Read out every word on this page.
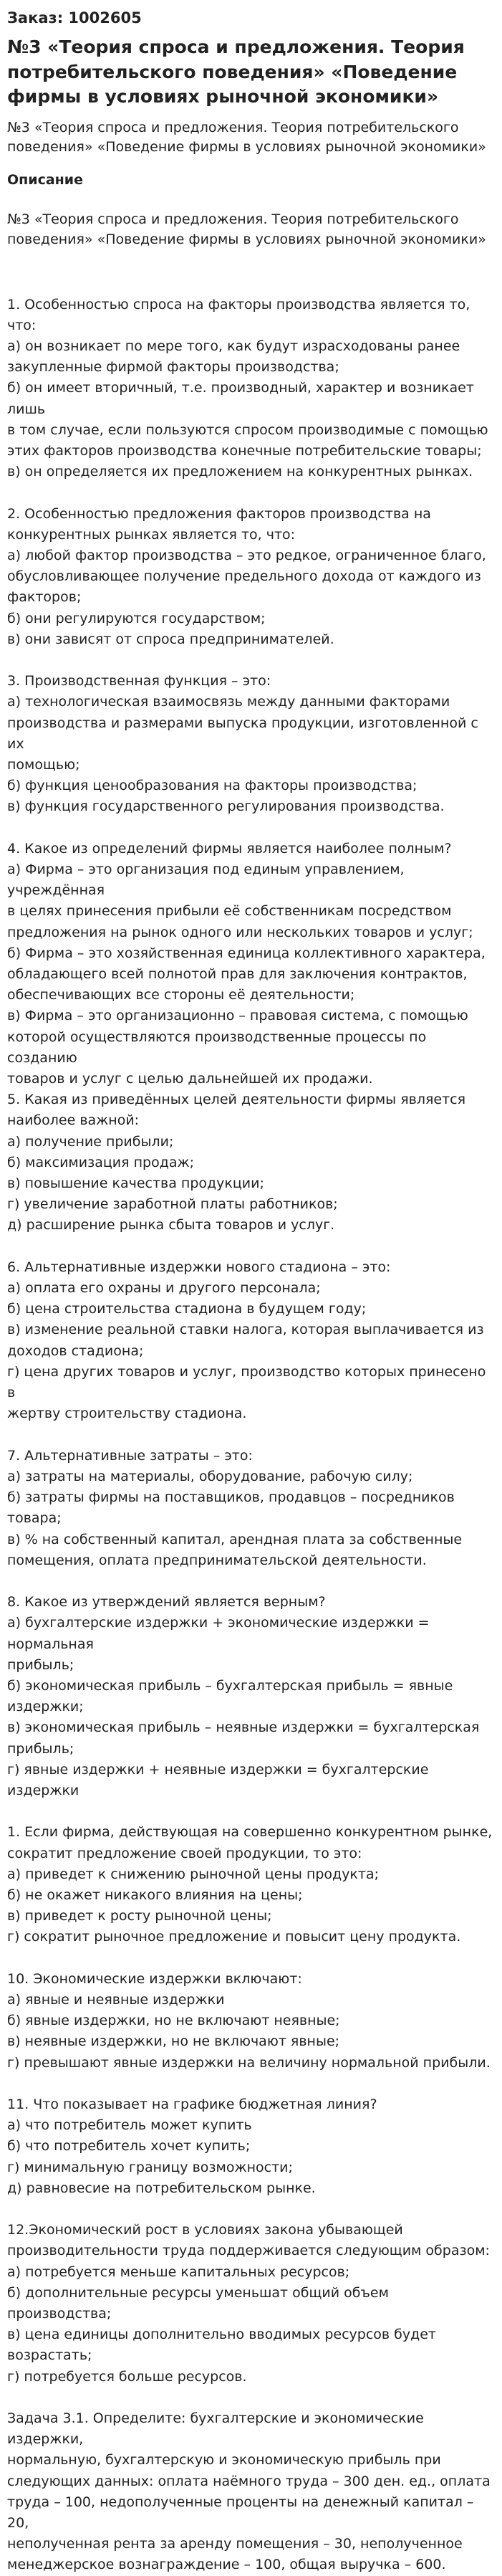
Заказ: 1002605
№3 «Теория спроса и предложения. Теория потребительского поведения» «Поведение фирмы в условиях рыночной экономики»
№3 «Теория спроса и предложения. Теория потребительского поведения» «Поведение фирмы в условиях рыночной экономики»
Описание
№3 «Теория спроса и предложения. Теория потребительского поведения» «Поведение фирмы в условиях рыночной экономики»
1. Особенностью спроса на факторы производства является то, что:
а) он возникает по мере того, как будут израсходованы ранее
закупленные фирмой факторы производства;
б) он имеет вторичный, т.е. производный, характер и возникает лишь
в том случае, если пользуются спросом производимые с помощью
этих факторов производства конечные потребительские товары;
в) он определяется их предложением на конкурентных рынках.

2. Особенностью предложения факторов производства на
конкурентных рынках является то, что:
а) любой фактор производства – это редкое, ограниченное благо,
обусловливающее получение предельного дохода от каждого из
факторов;
б) они регулируются государством;
в) они зависят от спроса предпринимателей.

3. Производственная функция – это:
а) технологическая взаимосвязь между данными факторами
производства и размерами выпуска продукции, изготовленной с их
помощью;
б) функция ценообразования на факторы производства;
в) функция государственного регулирования производства.

4. Какое из определений фирмы является наиболее полным?
а) Фирма – это организация под единым управлением, учреждённая
в целях принесения прибыли её собственникам посредством
предложения на рынок одного или нескольких товаров и услуг;
б) Фирма – это хозяйственная единица коллективного характера,
обладающего всей полнотой прав для заключения контрактов,
обеспечивающих все стороны её деятельности;
в) Фирма – это организационно – правовая система, с помощью
которой осуществляются производственные процессы по созданию
товаров и услуг с целью дальнейшей их продажи.
5. Какая из приведённых целей деятельности фирмы является
наиболее важной:
а) получение прибыли;
б) максимизация продаж;
в) повышение качества продукции;
г) увеличение заработной платы работников;
д) расширение рынка сбыта товаров и услуг.

6. Альтернативные издержки нового стадиона – это:
а) оплата его охраны и другого персонала;
б) цена строительства стадиона в будущем году;
в) изменение реальной ставки налога, которая выплачивается из
доходов стадиона;
г) цена других товаров и услуг, производство которых принесено в
жертву строительству стадиона.

7. Альтернативные затраты – это:
а) затраты на материалы, оборудование, рабочую силу;
б) затраты фирмы на поставщиков, продавцов – посредников товара;
в) % на собственный капитал, арендная плата за собственные
помещения, оплата предпринимательской деятельности.

8. Какое из утверждений является верным?
а) бухгалтерские издержки + экономические издержки = нормальная
прибыль;
б) экономическая прибыль – бухгалтерская прибыль = явные
издержки;
в) экономическая прибыль – неявные издержки = бухгалтерская
прибыль;
г) явные издержки + неявные издержки = бухгалтерские издержки

1. Если фирма, действующая на совершенно конкурентном рынке,
сократит предложение своей продукции, то это:
а) приведет к снижению рыночной цены продукта;
б) не окажет никакого влияния на цены;
в) приведет к росту рыночной цены;
г) сократит рыночное предложение и повысит цену продукта.

10. Экономические издержки включают:
а) явные и неявные издержки
б) явные издержки, но не включают неявные;
в) неявные издержки, но не включают явные;
г) превышают явные издержки на величину нормальной прибыли.

11. Что показывает на графике бюджетная линия?
а) что потребитель может купить
б) что потребитель хочет купить;
г) минимальную границу возможности;
д) равновесие на потребительском рынке.

12.Экономический рост в условиях закона убывающей
производительности труда поддерживается следующим образом:
а) потребуется меньше капитальных ресурсов;
б) дополнительные ресурсы уменьшат общий объем производства;
в) цена единицы дополнительно вводимых ресурсов будет
возрастать;
г) потребуется больше ресурсов.

Задача 3.1. Определите: бухгалтерские и экономические издержки,
нормальную, бухгалтерскую и экономическую прибыль при
следующих данных: оплата наёмного труда – 300 ден. ед., оплата
труда – 100, недополученные проценты на денежный капитал – 20,
неполученная рента за аренду помещения – 30, неполученное
менеджерское вознаграждение – 100, общая выручка – 600.
